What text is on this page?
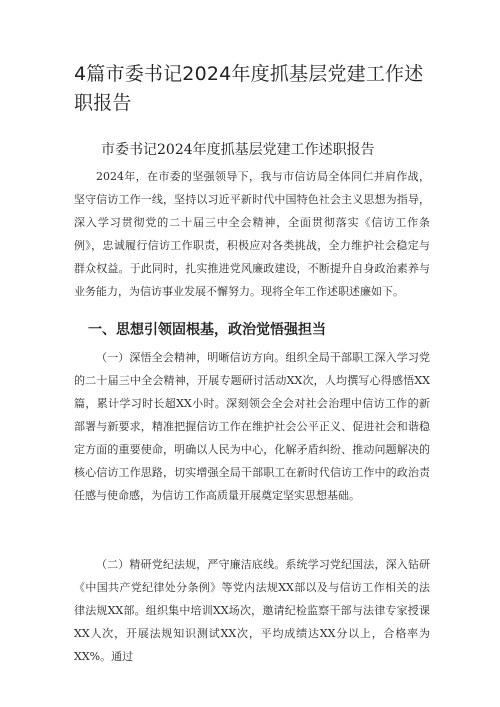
4篇市委书记2024年度抓基层党建工作述职报告
市委书记2024年度抓基层党建工作述职报告

2024年，在市委的坚强领导下，我与市信访局全体同仁并肩作战，坚守信访工作一线，坚持以习近平新时代中国特色社会主义思想为指导，深入学习贯彻党的二十届三中全会精神，全面贯彻落实《信访工作条例》，忠诚履行信访工作职责，积极应对各类挑战，全力维护社会稳定与群众权益。于此同时，扎实推进党风廉政建设，不断提升自身政治素养与业务能力，为信访事业发展不懈努力。现将全年工作述职述廉如下。

一、思想引领固根基，政治觉悟强担当

（一）深悟全会精神，明晰信访方向。组织全局干部职工深入学习党的二十届三中全会精神，开展专题研讨活动XX次，人均撰写心得感悟XX篇，累计学习时长超XX小时。深刻领会全会对社会治理中信访工作的新部署与新要求，精准把握信访工作在维护社会公平正义、促进社会和谐稳定方面的重要使命，明确以人民为中心，化解矛盾纠纷、推动问题解决的核心信访工作思路，切实增强全局干部职工在新时代信访工作中的政治责任感与使命感，为信访工作高质量开展奠定坚实思想基础。

（二）精研党纪法规，严守廉洁底线。系统学习党纪国法，深入钻研《中国共产党纪律处分条例》等党内法规XX部以及与信访工作相关的法律法规XX部。组织集中培训XX场次，邀请纪检监察干部与法律专家授课XX人次，开展法规知识测试XX次，平均成绩达XX分以上，合格率为XX%。通过
